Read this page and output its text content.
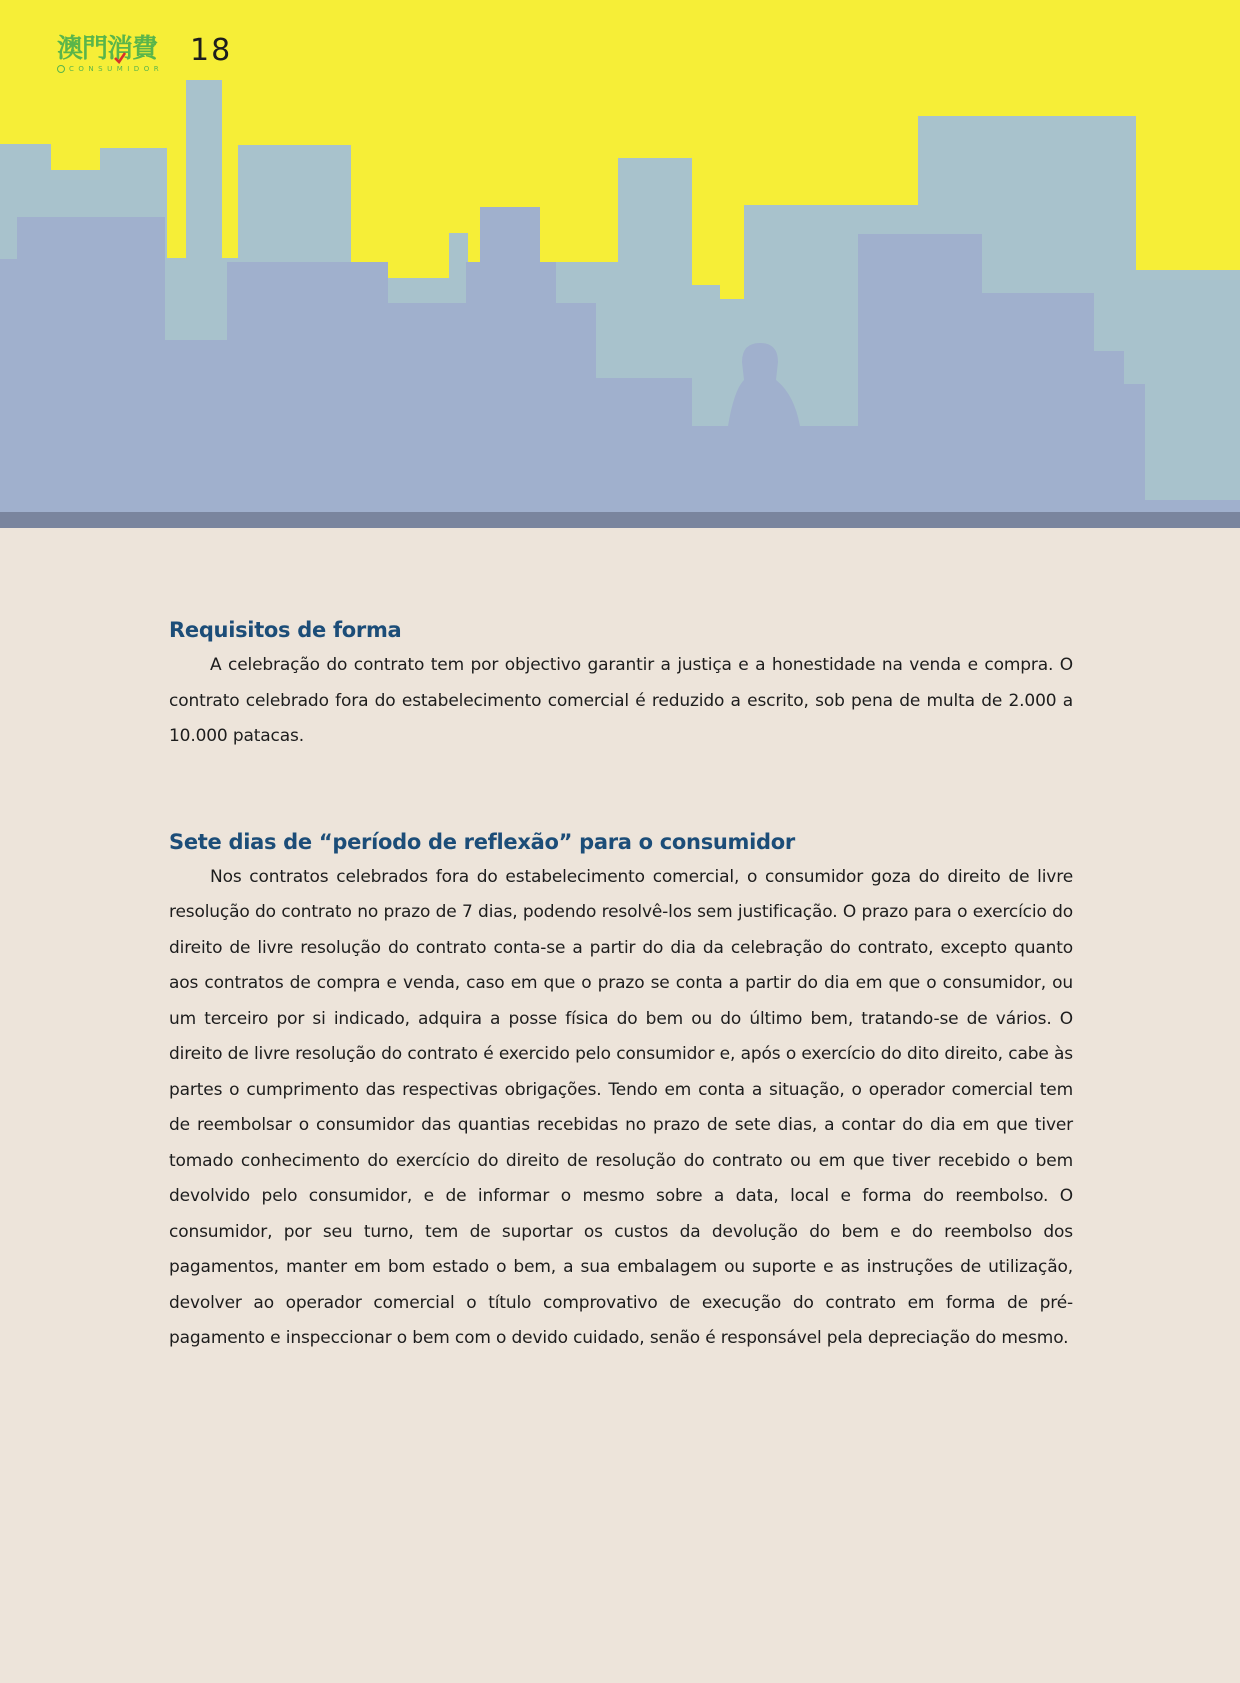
澳門消費
CONSUMIDOR
18
Requisitos de forma

A celebração do contrato tem por objectivo garantir a justiça e a honestidade na venda e compra. O contrato celebrado fora do estabelecimento comercial é reduzido a escrito, sob pena de multa de 2.000 a 10.000 patacas.

Sete dias de “período de reflexão” para o consumidor

Nos contratos celebrados fora do estabelecimento comercial, o consumidor goza do direito de livre resolução do contrato no prazo de 7 dias, podendo resolvê-los sem justificação. O prazo para o exercício do direito de livre resolução do contrato conta-se a partir do dia da celebração do contrato, excepto quanto aos contratos de compra e venda, caso em que o prazo se conta a partir do dia em que o consumidor, ou um terceiro por si indicado, adquira a posse física do bem ou do último bem, tratando-se de vários. O direito de livre resolução do contrato é exercido pelo consumidor e, após o exercício do dito direito, cabe às partes o cumprimento das respectivas obrigações. Tendo em conta a situação, o operador comercial tem de reembolsar o consumidor das quantias recebidas no prazo de sete dias, a contar do dia em que tiver tomado conhecimento do exercício do direito de resolução do contrato ou em que tiver recebido o bem devolvido pelo consumidor, e de informar o mesmo sobre a data, local e forma do reembolso. O consumidor, por seu turno, tem de suportar os custos da devolução do bem e do reembolso dos pagamentos, manter em bom estado o bem, a sua embalagem ou suporte e as instruções de utilização, devolver ao operador comercial o título comprovativo de execução do contrato em forma de pré-pagamento e inspeccionar o bem com o devido cuidado, senão é responsável pela depreciação do mesmo.
